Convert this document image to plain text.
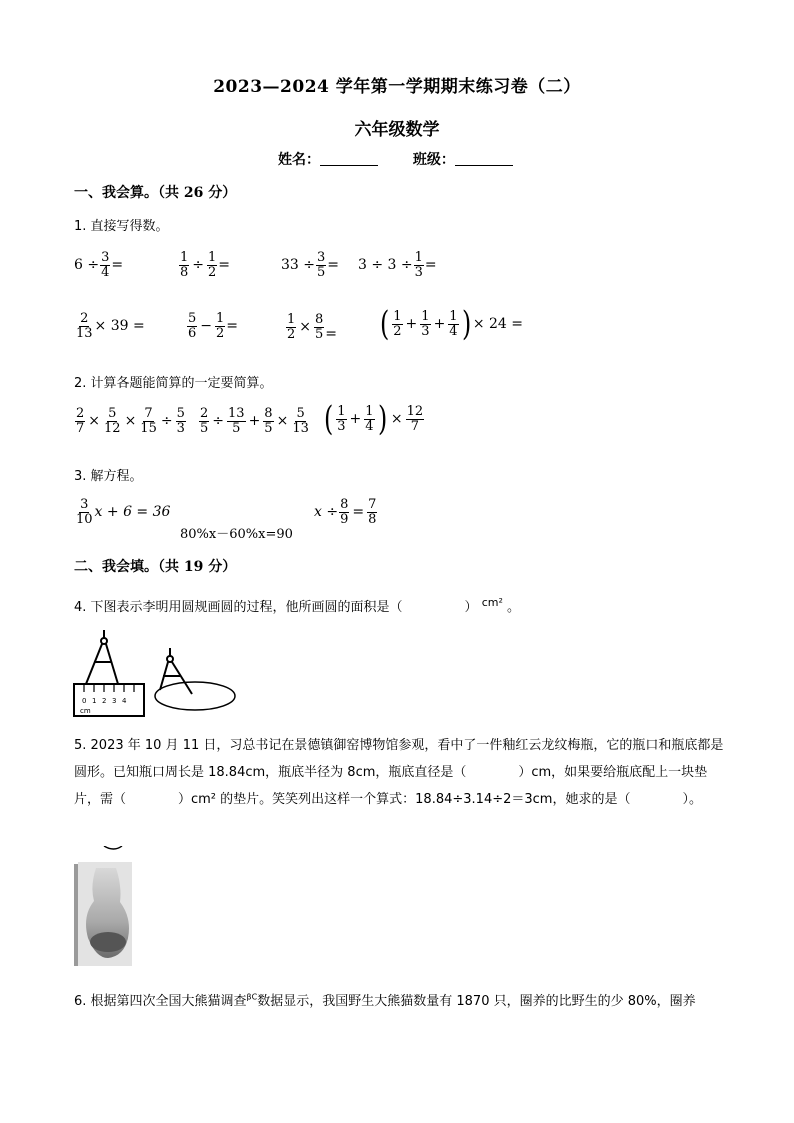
2023—2024 学年第一学期期末练习卷（二）
六年级数学
姓名：	班级：
一、我会算。（共 26 分）
1. 直接写得数。
$6 \div \frac{3}{4}$ =	$\frac{1}{8} \div \frac{1}{2}$ =	$33 \div \frac{3}{5} = 3 \div 3 \div \frac{1}{3}$ =
$\frac{2}{13} \times 39$ =	$\frac{5}{6} - \frac{1}{2}$ =	$\frac{1}{2} \times \frac{8}{5}$ = ( $\frac{1}{2} + \frac{1}{3} + \frac{1}{4}$ ) × 24 =
2. 计算各题能简算的一定要简算。
$\frac{2}{7} \times \frac{5}{12} \times \frac{7}{15} \div \frac{5}{3} \frac{2}{5} \div \frac{13}{5} + \frac{8}{5} \times \frac{5}{13}$ ( $\frac{1}{3} + \frac{1}{4}$ ) × $\frac{12}{7}$
3. 解方程。
$\frac{3}{10}$ x + 6 = 36
80%x－60%x=90
$x \div \frac{8}{9} = \frac{7}{8}$
二、我会填。（共 19 分）
4. 下图表示李明用圆规画圆的过程，他所画圆的面积是（	） $^{cm^2}$ 。
0 1 2 3 4
cm
5. 2023 年 10 月 11 日，习总书记在景德镇御窑博物馆参观，看中了一件釉红云龙纹梅瓶，它的瓶口和瓶底都是圆形。已知瓶口周长是 18.84cm，瓶底半径为 8cm，瓶底直径是（　　　　）cm，如果要给瓶底配上一块垫片，需（　　　　）cm² 的垫片。笑笑列出这样一个算式：18.84÷3.14÷2＝3cm，她求的是（　　　　）。
6. 根据第四次全国大熊猫调查$^{\beta C}$数据显示，我国野生大熊猫数量有 1870 只，圈养的比野生的少 80%，圈养
